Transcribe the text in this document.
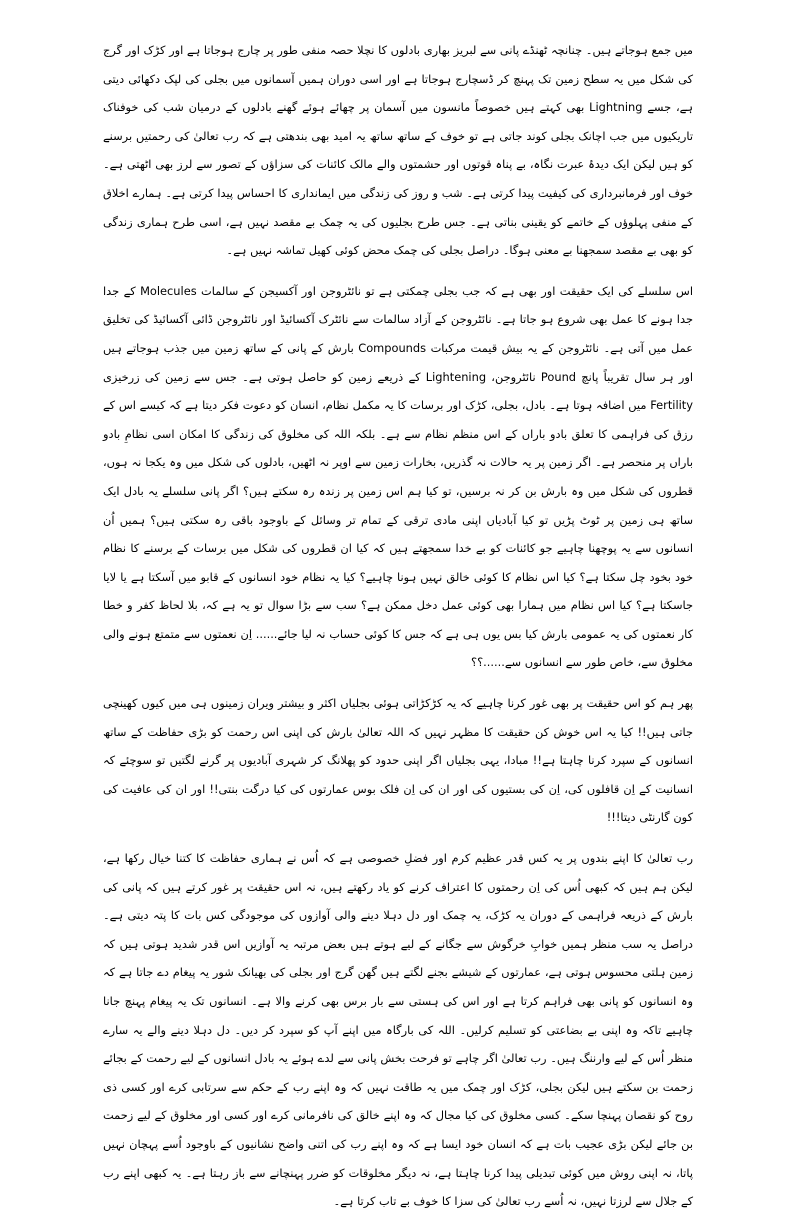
میں جمع ہوجاتے ہیں۔ چنانچہ ٹھنڈے پانی سے لبریز بھاری بادلوں کا نچلا حصہ منفی طور پر چارج ہوجاتا ہے اور کڑک اور گرج کی شکل میں یہ سطح زمین تک پہنچ کر ڈسچارج ہوجاتا ہے اور اسی دوران ہمیں آسمانوں میں بجلی کی لپک دکھائی دیتی ہے، جسے Lightning بھی کہتے ہیں خصوصاً مانسون میں آسمان پر چھائے ہوئے گھنے بادلوں کے درمیان شب کی خوفناک تاریکیوں میں جب اچانک بجلی کوند جاتی ہے تو خوف کے ساتھ ساتھ یہ امید بھی بندھتی ہے کہ رب تعالیٰ کی رحمتیں برسنے کو ہیں لیکن ایک دیدۂ عبرت نگاہ، بے پناہ قوتوں اور حشمتوں والے مالک کائنات کی سزاؤں کے تصور سے لرز بھی اٹھتی ہے۔ خوف اور فرمانبرداری کی کیفیت پیدا کرتی ہے۔ شب و روز کی زندگی میں ایمانداری کا احساس پیدا کرتی ہے۔ ہمارے اخلاق کے منفی پہلوؤں کے خاتمے کو یقینی بناتی ہے۔ جس طرح بجلیوں کی یہ چمک بے مقصد نہیں ہے، اسی طرح ہماری زندگی کو بھی بے مقصد سمجھنا بے معنی ہوگا۔ دراصل بجلی کی چمک محض کوئی کھیل تماشہ نہیں ہے۔

اس سلسلے کی ایک حقیقت اور بھی ہے کہ جب بجلی چمکتی ہے تو نائٹروجن اور آکسیجن کے سالمات Molecules کے جدا جدا ہونے کا عمل بھی شروع ہو جاتا ہے۔ نائٹروجن کے آزاد سالمات سے نائٹرک آکسائیڈ اور نائٹروجن ڈائی آکسائیڈ کی تخلیق عمل میں آتی ہے۔ نائٹروجن کے یہ بیش قیمت مرکبات Compounds بارش کے پانی کے ساتھ زمین میں جذب ہوجاتے ہیں اور ہر سال تقریباً پانچ Pound نائٹروجن، Lightening کے ذریعے زمین کو حاصل ہوتی ہے۔ جس سے زمین کی زرخیزی Fertility میں اضافہ ہوتا ہے۔ بادل، بجلی، کڑک اور برسات کا یہ مکمل نظام، انسان کو دعوت فکر دیتا ہے کہ کیسے اس کے رزق کی فراہمی کا تعلق بادو باراں کے اس منظم نظام سے ہے۔ بلکہ اللہ کی مخلوق کی زندگی کا امکان اسی نظامِ بادو باراں پر منحصر ہے۔ اگر زمین پر یہ حالات نہ گذریں، بخارات زمین سے اوپر نہ اٹھیں، بادلوں کی شکل میں وہ یکجا نہ ہوں، قطروں کی شکل میں وہ بارش بن کر نہ برسیں، تو کیا ہم اس زمین پر زندہ رہ سکتے ہیں؟ اگر پانی سلسلے یہ بادل ایک ساتھ ہی زمین پر ٹوٹ پڑیں تو کیا آبادیاں اپنی مادی ترقی کے تمام تر وسائل کے باوجود باقی رہ سکتی ہیں؟ ہمیں اُن انسانوں سے یہ پوچھنا چاہیے جو کائنات کو بے خدا سمجھتے ہیں کہ کیا ان قطروں کی شکل میں برسات کے برسنے کا نظام خود بخود چل سکتا ہے؟ کیا اس نظام کا کوئی خالق نہیں ہونا چاہیے؟ کیا یہ نظام خود انسانوں کے قابو میں آسکتا ہے یا لایا جاسکتا ہے؟ کیا اس نظام میں ہمارا بھی کوئی عمل دخل ممکن ہے؟ سب سے بڑا سوال تو یہ ہے کہ، بلا لحاظ کفر و خطا کار نعمتوں کی یہ عمومی بارش کیا بس یوں ہی ہے کہ جس کا کوئی حساب نہ لیا جائے...... اِن نعمتوں سے متمتع ہونے والی مخلوق سے، خاص طور سے انسانوں سے......؟؟

پھر ہم کو اس حقیقت پر بھی غور کرنا چاہیے کہ یہ کڑکڑاتی ہوئی بجلیاں اکثر و بیشتر ویران زمینوں ہی میں کیوں کھینچی جاتی ہیں!! کیا یہ اس خوش کن حقیقت کا مظہر نہیں کہ اللہ تعالیٰ بارش کی اپنی اس رحمت کو بڑی حفاظت کے ساتھ انسانوں کے سپرد کرنا چاہتا ہے!! مبادا، یہی بجلیاں اگر اپنی حدود کو پھلانگ کر شہری آبادیوں پر گرنے لگتیں تو سوچئے کہ انسانیت کے اِن قافلوں کی، اِن کی بستیوں کی اور ان کی اِن فلک بوس عمارتوں کی کیا درگت بنتی!! اور ان کی عافیت کی کون گارنٹی دیتا!!!

رب تعالیٰ کا اپنے بندوں پر یہ کس قدر عظیم کرم اور فضلِ خصوصی ہے کہ اُس نے ہماری حفاظت کا کتنا خیال رکھا ہے، لیکن ہم ہیں کہ کبھی اُس کی اِن رحمتوں کا اعتراف کرنے کو یاد رکھتے ہیں، نہ اس حقیقت پر غور کرتے ہیں کہ پانی کی بارش کے ذریعہ فراہمی کے دوران یہ کڑک، یہ چمک اور دل دہلا دینے والی آوازوں کی موجودگی کس بات کا پتہ دیتی ہے۔ دراصل یہ سب منظر ہمیں خوابِ خرگوش سے جگانے کے لیے ہوتے ہیں بعض مرتبہ یہ آوازیں اس قدر شدید ہوتی ہیں کہ زمین ہلتی محسوس ہوتی ہے، عمارتوں کے شیشے بجنے لگتے ہیں گھن گرج اور بجلی کی بھیانک شور یہ پیغام دے جاتا ہے کہ وہ انسانوں کو پانی بھی فراہم کرتا ہے اور اس کی ہستی سے بار برس بھی کرنے والا ہے۔ انسانوں تک یہ پیغام پہنچ جانا چاہیے تاکہ وہ اپنی بے بضاعتی کو تسلیم کرلیں۔ اللہ کی بارگاہ میں اپنے آپ کو سپرد کر دیں۔ دل دہلا دینے والے یہ سارے منظر اُس کے لیے وارننگ ہیں۔ رب تعالیٰ اگر چاہے تو فرحت بخش پانی سے لدے ہوئے یہ بادل انسانوں کے لیے رحمت کے بجائے زحمت بن سکتے ہیں لیکن بجلی، کڑک اور چمک میں یہ طاقت نہیں کہ وہ اپنے رب کے حکم سے سرتابی کرے اور کسی ذی روح کو نقصان پہنچا سکے۔ کسی مخلوق کی کیا مجال کہ وہ اپنے خالق کی نافرمانی کرے اور کسی اور مخلوق کے لیے زحمت بن جائے لیکن بڑی عجیب بات ہے کہ انسان خود ایسا ہے کہ وہ اپنے رب کی اتنی واضح نشانیوں کے باوجود اُسے پہچان نہیں پاتا، نہ اپنی روش میں کوئی تبدیلی پیدا کرنا چاہتا ہے، نہ دیگر مخلوقات کو ضرر پہنچانے سے باز رہتا ہے۔ یہ کبھی اپنے رب کے جلال سے لرزتا نہیں، نہ اُسے رب تعالیٰ کی سزا کا خوف بے تاب کرتا ہے۔
